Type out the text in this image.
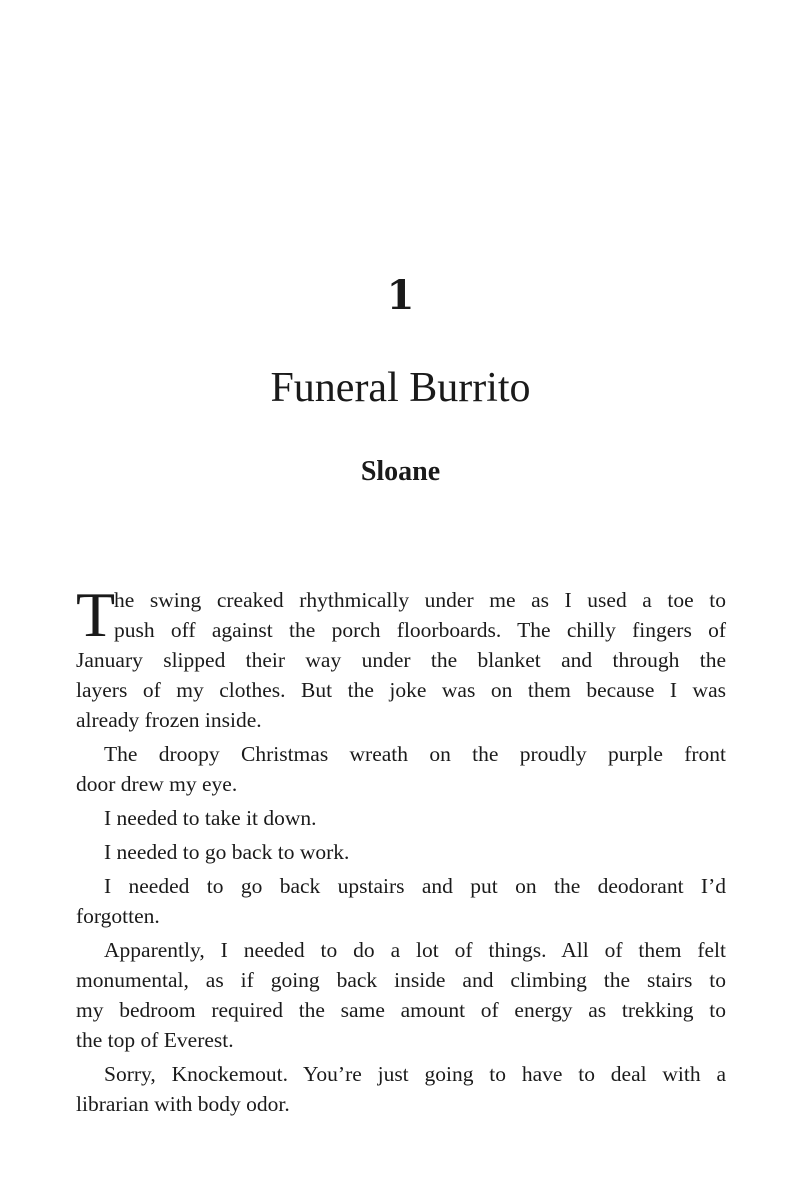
1
Funeral Burrito
Sloane
T
he swing creaked rhythmically under me as I used a toe to
push off against the porch floorboards. The chilly fingers of
January slipped their way under the blanket and through the
layers of my clothes. But the joke was on them because I was
already frozen inside.
The droopy Christmas wreath on the proudly purple front
door drew my eye.
I needed to take it down.
I needed to go back to work.
I needed to go back upstairs and put on the deodorant I’d
forgotten.
Apparently, I needed to do a lot of things. All of them felt
monumental, as if going back inside and climbing the stairs to
my bedroom required the same amount of energy as trekking to
the top of Everest.
Sorry, Knockemout. You’re just going to have to deal with a
librarian with body odor.
